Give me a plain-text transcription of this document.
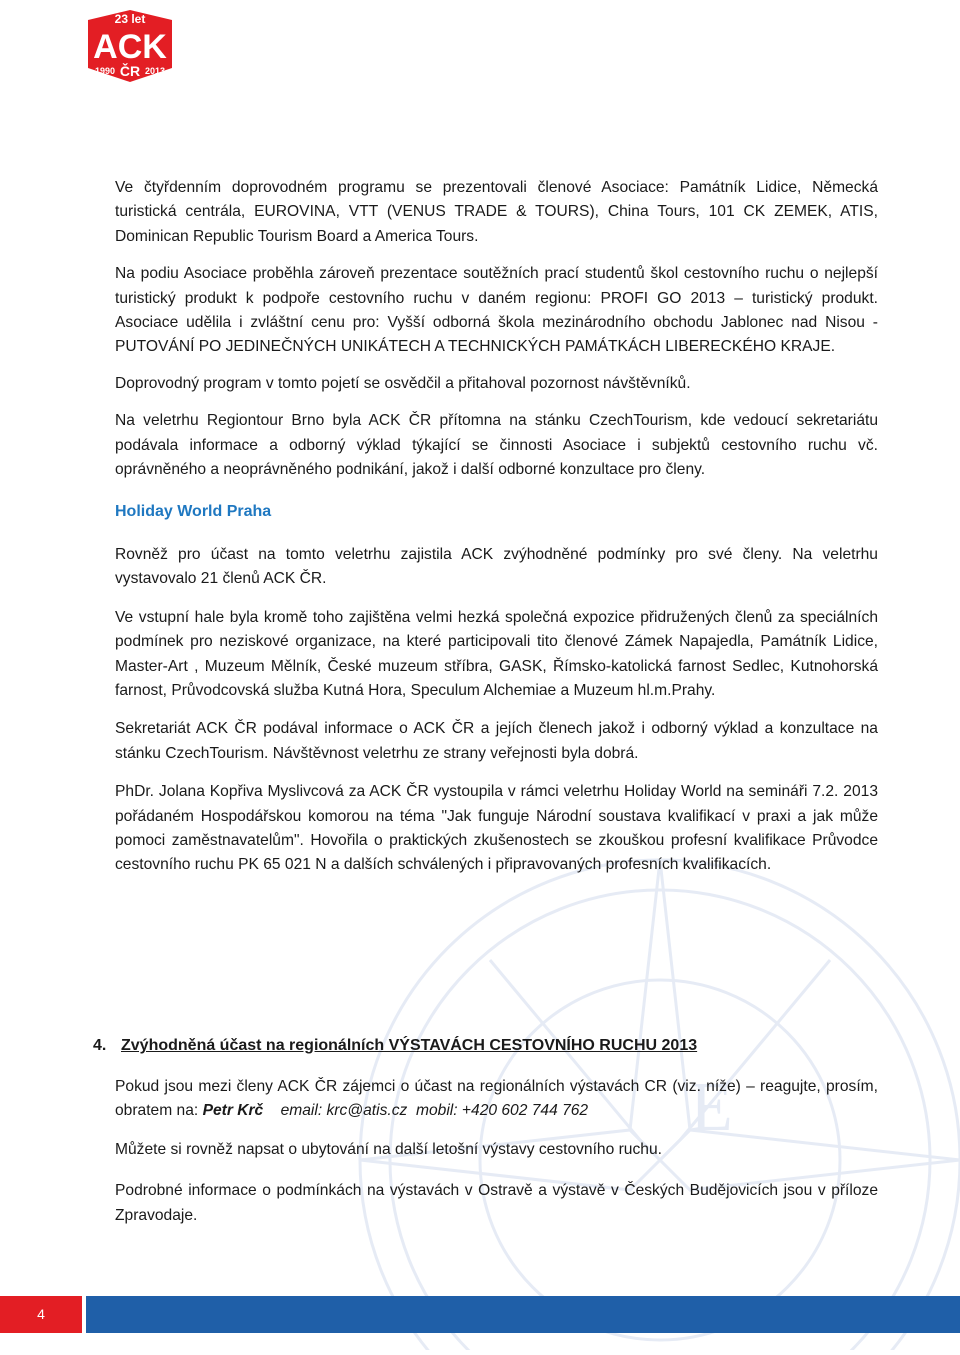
23 let
ACK
1990 ČR 2013
E

Ve čtyřdenním doprovodném programu se prezentovali členové Asociace: Památník Lidice, Německá turistická centrála, EUROVINA, VTT (VENUS TRADE & TOURS), China Tours, 101 CK ZEMEK, ATIS, Dominican Republic Tourism Board a America Tours.

Na podiu Asociace proběhla zároveň prezentace soutěžních prací studentů škol cestovního ruchu o nejlepší turistický produkt k podpoře cestovního ruchu v daném regionu: PROFI GO 2013 – turistický produkt. Asociace udělila i zvláštní cenu pro: Vyšší odborná škola mezinárodního obchodu Jablonec nad Nisou - PUTOVÁNÍ PO JEDINEČNÝCH UNIKÁTECH A TECHNICKÝCH PAMÁTKÁCH LIBERECKÉHO KRAJE.

Doprovodný program v tomto pojetí se osvědčil a přitahoval pozornost návštěvníků.

Na veletrhu Regiontour Brno byla ACK ČR přítomna na stánku CzechTourism, kde vedoucí sekretariátu podávala informace a odborný výklad týkající se činnosti Asociace i subjektů cestovního ruchu vč. oprávněného a neoprávněného podnikání, jakož i další odborné konzultace pro členy.

Holiday World Praha

Rovněž pro účast na tomto veletrhu zajistila ACK zvýhodněné podmínky pro své členy. Na veletrhu vystavovalo 21 členů ACK ČR.

Ve vstupní hale byla kromě toho zajištěna velmi hezká společná expozice přidružených členů za speciálních podmínek pro neziskové organizace, na které participovali tito členové Zámek Napajedla, Památník Lidice, Master-Art , Muzeum Mělník, České muzeum stříbra, GASK, Římsko-katolická farnost Sedlec, Kutnohorská farnost, Průvodcovská služba Kutná Hora, Speculum Alchemiae a Muzeum hl.m.Prahy.

Sekretariát ACK ČR podával informace o ACK ČR a jejích členech jakož i odborný výklad a konzultace na stánku CzechTourism. Návštěvnost veletrhu ze strany veřejnosti byla dobrá.

PhDr. Jolana Kopřiva Myslivcová za ACK ČR vystoupila v rámci veletrhu Holiday World na semináři 7.2. 2013 pořádaném Hospodářskou komorou na téma "Jak funguje Národní soustava kvalifikací v praxi a jak může pomoci zaměstnavatelům". Hovořila o praktických zkušenostech se zkouškou profesní kvalifikace Průvodce cestovního ruchu PK 65 021 N a dalších schválených i připravovaných profesních kvalifikacích.

4. Zvýhodněná účast na regionálních VÝSTAVÁCH CESTOVNÍHO RUCHU 2013

Pokud jsou mezi členy ACK ČR zájemci o účast na regionálních výstavách CR (viz. níže) – reagujte, prosím, obratem na: Petr Krč email: krc@atis.cz mobil: +420 602 744 762

Můžete si rovněž napsat o ubytování na další letošní výstavy cestovního ruchu.

Podrobné informace o podmínkách na výstavách v Ostravě a výstavě v Českých Budějovicích jsou v příloze Zpravodaje.

4
